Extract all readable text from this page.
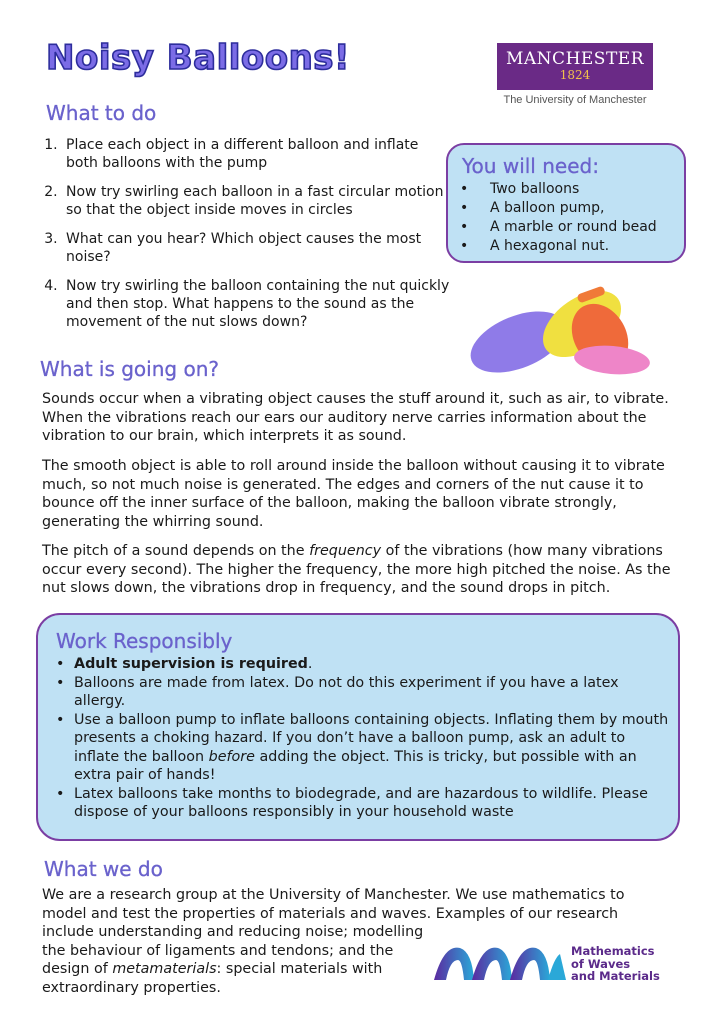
Noisy Balloons!	MANCHESTER
1824
The University of Manchester
What to do
1. Place each object in a different balloon and inflate both balloons with the pump
2. Now try swirling each balloon in a fast circular motion so that the object inside moves in circles
3. What can you hear? Which object causes the most noise?
4. Now try swirling the balloon containing the nut quickly and then stop. What happens to the sound as the movement of the nut slows down?
You will need:
• Two balloons
• A balloon pump,
• A marble or round bead
• A hexagonal nut.
What is going on?

Sounds occur when a vibrating object causes the stuff around it, such as air, to vibrate. When the vibrations reach our ears our auditory nerve carries information about the vibration to our brain, which interprets it as sound.

The smooth object is able to roll around inside the balloon without causing it to vibrate much, so not much noise is generated. The edges and corners of the nut cause it to bounce off the inner surface of the balloon, making the balloon vibrate strongly, generating the whirring sound.

The pitch of a sound depends on the frequency of the vibrations (how many vibrations occur every second). The higher the frequency, the more high pitched the noise. As the nut slows down, the vibrations drop in frequency, and the sound drops in pitch.

Work Responsibly
• Adult supervision is required.
• Balloons are made from latex. Do not do this experiment if you have a latex allergy.
• Use a balloon pump to inflate balloons containing objects. Inflating them by mouth presents a choking hazard. If you don’t have a balloon pump, ask an adult to inflate the balloon before adding the object. This is tricky, but possible with an extra pair of hands!
• Latex balloons take months to biodegrade, and are hazardous to wildlife. Please dispose of your balloons responsibly in your household waste
What we do
We are a research group at the University of Manchester. We use mathematics to
model and test the properties of materials and waves. Examples of our research
include understanding and reducing noise; modelling
the behaviour of ligaments and tendons; and the
design of metamaterials: special materials with
extraordinary properties.
Mathematics
of Waves
and Materials
